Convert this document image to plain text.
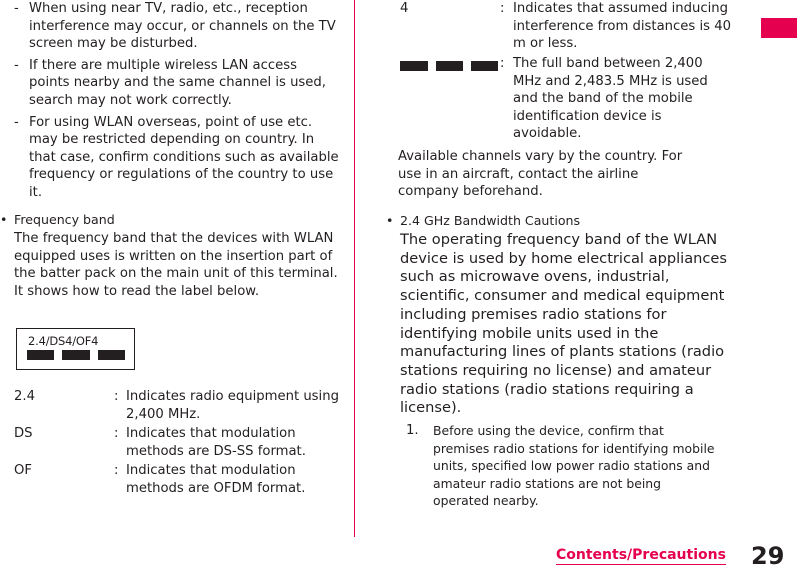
- When using near TV, radio, etc., reception interference may occur, or channels on the TV screen may be disturbed.
- If there are multiple wireless LAN access points nearby and the same channel is used, search may not work correctly.
- For using WLAN overseas, point of use etc. may be restricted depending on country. In that case, confirm conditions such as available frequency or regulations of the country to use it.
• Frequency band
The frequency band that the devices with WLAN equipped uses is written on the insertion part of the batter pack on the main unit of this terminal. It shows how to read the label below.
2.4/DS4/OF4
2.4	: Indicates radio equipment using 2,400 MHz.
DS	: Indicates that modulation methods are DS-SS format.
OF	: Indicates that modulation methods are OFDM format.
4	: Indicates that assumed inducing interference from distances is 40 m or less.
: The full band between 2,400 MHz and 2,483.5 MHz is used and the band of the mobile identification device is avoidable.
Available channels vary by the country. For use in an aircraft, contact the airline company beforehand.
• 2.4 GHz Bandwidth Cautions
The operating frequency band of the WLAN device is used by home electrical appliances such as microwave ovens, industrial, scientific, consumer and medical equipment including premises radio stations for identifying mobile units used in the manufacturing lines of plants stations (radio stations requiring no license) and amateur radio stations (radio stations requiring a license).
1. Before using the device, confirm that premises radio stations for identifying mobile units, specified low power radio stations and amateur radio stations are not being operated nearby.
Contents/Precautions 29
